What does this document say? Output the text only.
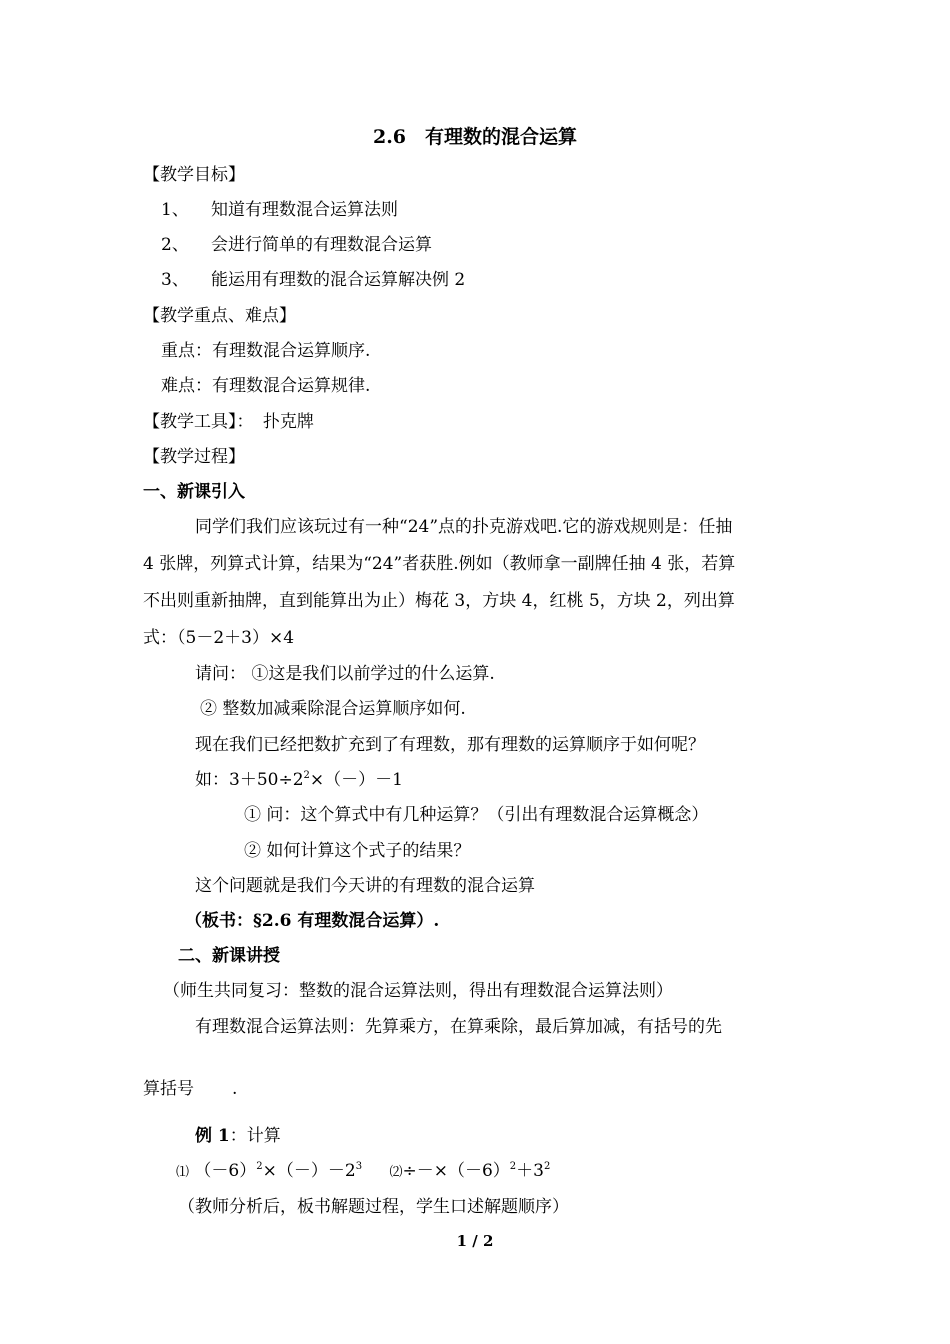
2.6　有理数的混合运算
【教学目标】
1、 知道有理数混合运算法则
2、 会进行简单的有理数混合运算
3、 能运用有理数的混合运算解决例 2
【教学重点、难点】
重点：有理数混合运算顺序.
难点：有理数混合运算规律.
【教学工具】： 扑克牌
【教学过程】
一、新课引入
同学们我们应该玩过有一种“24”点的扑克游戏吧.它的游戏规则是：任抽
4 张牌，列算式计算，结果为“24”者获胜.例如（教师拿一副牌任抽 4 张，若算
不出则重新抽牌，直到能算出为止）梅花 3，方块 4，红桃 5，方块 2，列出算
式：（5－2＋3）×4
请问： ①这是我们以前学过的什么运算.
② 整数加减乘除混合运算顺序如何.
现在我们已经把数扩充到了有理数，那有理数的运算顺序于如何呢？
如：$3+50\div 2^2\times(-)-1$
① 问：这个算式中有几种运算？（引出有理数混合运算概念）
② 如何计算这个式子的结果？
这个问题就是我们今天讲的有理数的混合运算
（板书：§2.6 有理数混合运算）.
二、新课讲授
（师生共同复习：整数的混合运算法则，得出有理数混合运算法则）
有理数混合运算法则：先算乘方，在算乘除，最后算加减，有括号的先
算括号 .
例 1：计算
⑴ $(-6)^2\times(-)-2^3$ $⑵\div-\times(-6)^2+3^2$
（教师分析后，板书解题过程，学生口述解题顺序）
1 / 2
